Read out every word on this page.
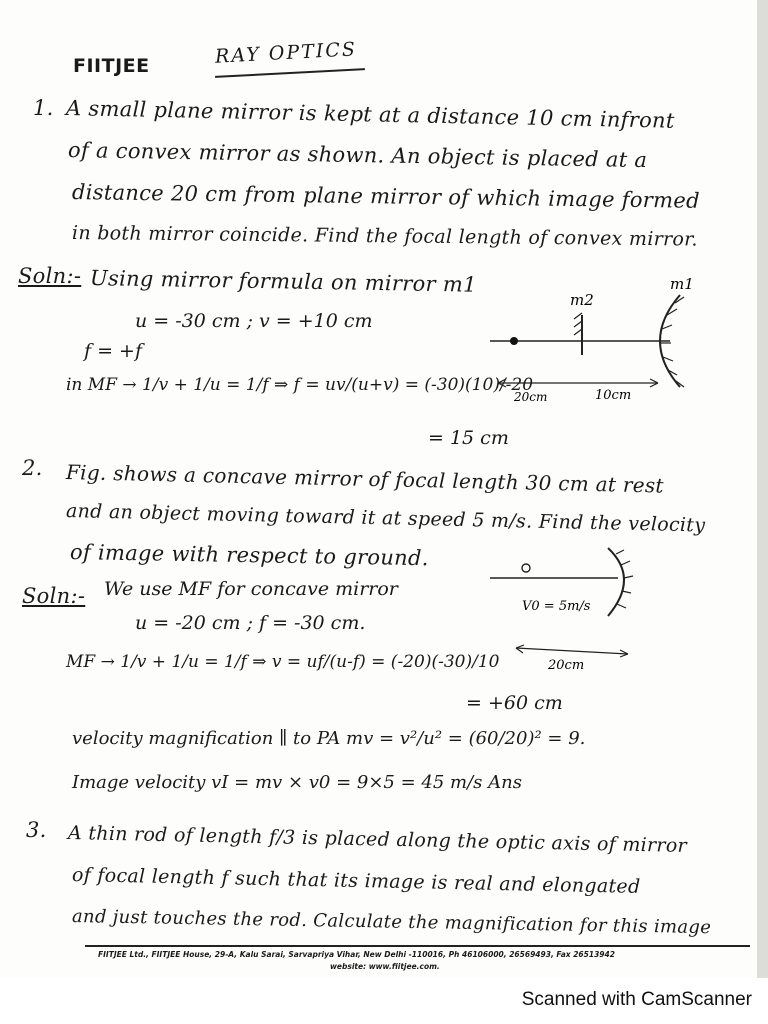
FIITJEE	RAY OPTICS
1. A small plane mirror is kept at a distance 10 cm infront
of a convex mirror as shown. An object is placed at a
distance 20 cm from plane mirror of which image formed
in both mirror coincide. Find the focal length of convex mirror.
Soln:- Using mirror formula on mirror m1
u = -30 cm ; v = +10 cm
f = +f
in MF → 1/v + 1/u = 1/f ⇒ f = uv/(u+v) = (-30)(10)/-20
= 15 cm
m2
m1
20cm	10cm
2. Fig. shows a concave mirror of focal length 30 cm at rest
and an object moving toward it at speed 5 m/s. Find the velocity
of image with respect to ground.
Soln:- We use MF for concave mirror
u = -20 cm ; f = -30 cm.
MF → 1/v + 1/u = 1/f ⇒ v = uf/(u-f) = (-20)(-30)/10
= +60 cm
velocity magnification ∥ to PA mv = v²/u² = (60/20)² = 9.
Image velocity vI = mv × v0 = 9×5 = 45 m/s Ans
V0 = 5m/s
20cm
3. A thin rod of length f/3 is placed along the optic axis of mirror
of focal length f such that its image is real and elongated
and just touches the rod. Calculate the magnification for this image
FIITJEE Ltd., FIITJEE House, 29-A, Kalu Sarai, Sarvapriya Vihar, New Delhi -110016, Ph 46106000, 26569493, Fax 26513942
website: www.fiitjee.com.
Scanned with CamScanner
